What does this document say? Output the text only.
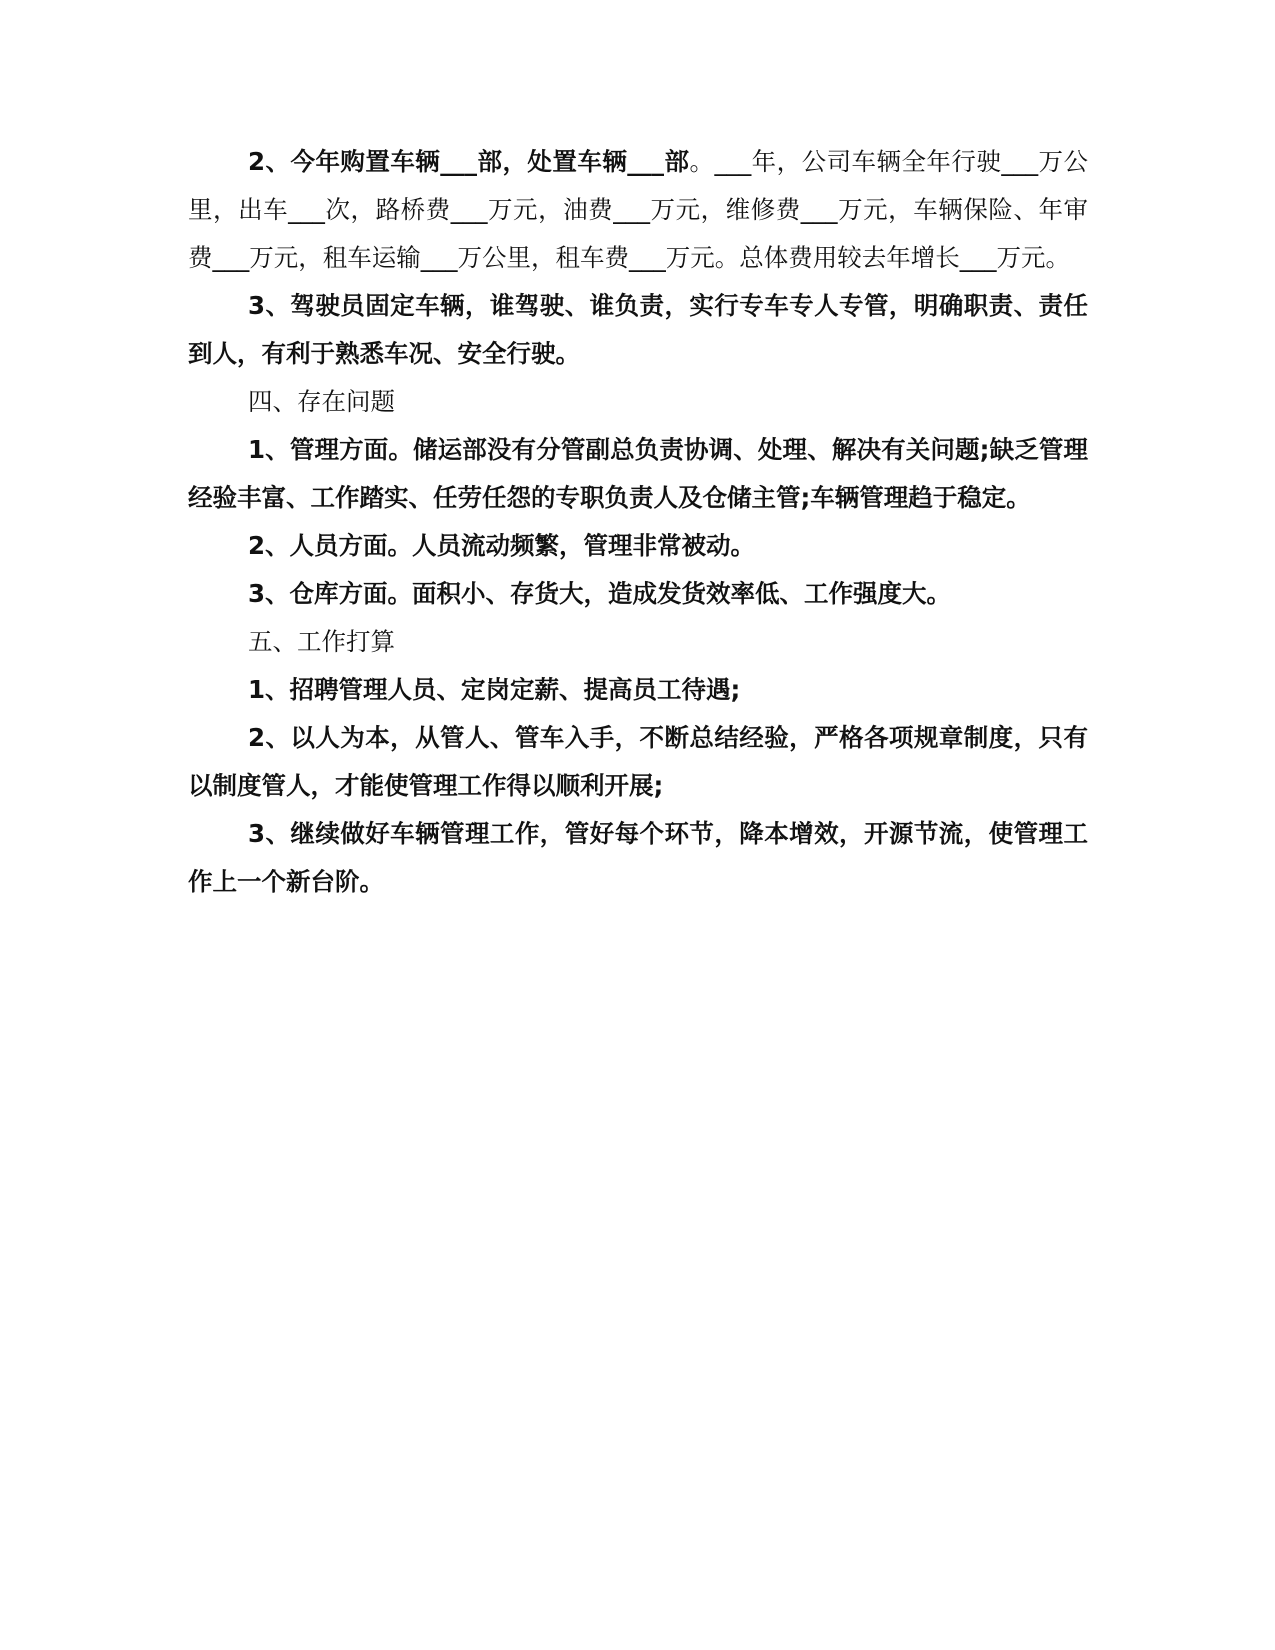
2、今年购置车辆___部，处置车辆___部。___年，公司车辆全年行驶___万公里，出车___次，路桥费___万元，油费___万元，维修费___万元，车辆保险、年审费___万元，租车运输___万公里，租车费___万元。总体费用较去年增长___万元。

3、驾驶员固定车辆，谁驾驶、谁负责，实行专车专人专管，明确职责、责任到人，有利于熟悉车况、安全行驶。

四、存在问题

1、管理方面。储运部没有分管副总负责协调、处理、解决有关问题;缺乏管理经验丰富、工作踏实、任劳任怨的专职负责人及仓储主管;车辆管理趋于稳定。

2、人员方面。人员流动频繁，管理非常被动。

3、仓库方面。面积小、存货大，造成发货效率低、工作强度大。

五、工作打算

1、招聘管理人员、定岗定薪、提高员工待遇;

2、以人为本，从管人、管车入手，不断总结经验，严格各项规章制度，只有以制度管人，才能使管理工作得以顺利开展;

3、继续做好车辆管理工作，管好每个环节，降本增效，开源节流，使管理工作上一个新台阶。
